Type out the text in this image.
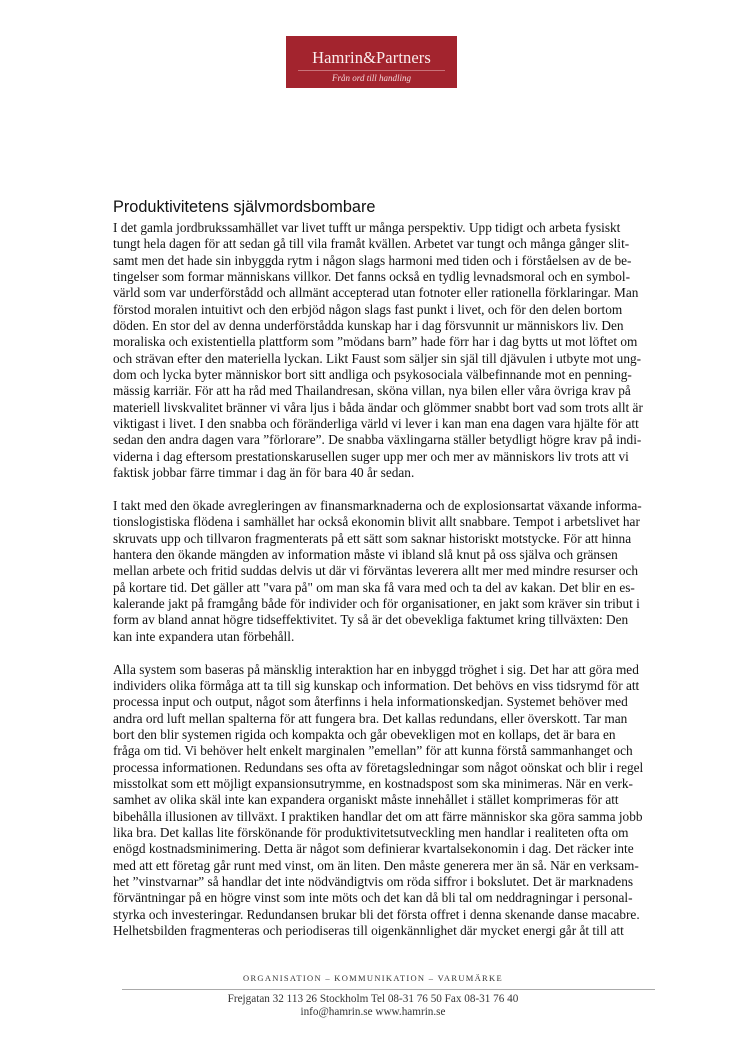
Hamrin&Partners
Från ord till handling
Produktivitetens självmordsbombare
I det gamla jordbrukssamhället var livet tufft ur många perspektiv. Upp tidigt och arbeta fysiskt
tungt hela dagen för att sedan gå till vila framåt kvällen. Arbetet var tungt och många gånger slit-
samt men det hade sin inbyggda rytm i någon slags harmoni med tiden och i förståelsen av de be-
tingelser som formar människans villkor. Det fanns också en tydlig levnadsmoral och en symbol-
värld som var underförstådd och allmänt accepterad utan fotnoter eller rationella förklaringar. Man
förstod moralen intuitivt och den erbjöd någon slags fast punkt i livet, och för den delen bortom
döden. En stor del av denna underförstådda kunskap har i dag försvunnit ur människors liv. Den
moraliska och existentiella plattform som ”mödans barn” hade förr har i dag bytts ut mot löftet om
och strävan efter den materiella lyckan. Likt Faust som säljer sin själ till djävulen i utbyte mot ung-
dom och lycka byter människor bort sitt andliga och psykosociala välbefinnande mot en penning-
mässig karriär. För att ha råd med Thailandresan, sköna villan, nya bilen eller våra övriga krav på
materiell livskvalitet bränner vi våra ljus i båda ändar och glömmer snabbt bort vad som trots allt är
viktigast i livet. I den snabba och föränderliga värld vi lever i kan man ena dagen vara hjälte för att
sedan den andra dagen vara ”förlorare”. De snabba växlingarna ställer betydligt högre krav på indi-
viderna i dag eftersom prestationskarusellen suger upp mer och mer av människors liv trots att vi
faktisk jobbar färre timmar i dag än för bara 40 år sedan.
I takt med den ökade avregleringen av finansmarknaderna och de explosionsartat växande informa-
tionslogistiska flödena i samhället har också ekonomin blivit allt snabbare. Tempot i arbetslivet har
skruvats upp och tillvaron fragmenterats på ett sätt som saknar historiskt motstycke. För att hinna
hantera den ökande mängden av information måste vi ibland slå knut på oss själva och gränsen
mellan arbete och fritid suddas delvis ut där vi förväntas leverera allt mer med mindre resurser och
på kortare tid. Det gäller att "vara på" om man ska få vara med och ta del av kakan. Det blir en es-
kalerande jakt på framgång både för individer och för organisationer, en jakt som kräver sin tribut i
form av bland annat högre tidseffektivitet. Ty så är det obevekliga faktumet kring tillväxten: Den
kan inte expandera utan förbehåll.
Alla system som baseras på mänsklig interaktion har en inbyggd tröghet i sig. Det har att göra med
individers olika förmåga att ta till sig kunskap och information. Det behövs en viss tidsrymd för att
processa input och output, något som återfinns i hela informationskedjan. Systemet behöver med
andra ord luft mellan spalterna för att fungera bra. Det kallas redundans, eller överskott. Tar man
bort den blir systemen rigida och kompakta och går obevekligen mot en kollaps, det är bara en
fråga om tid. Vi behöver helt enkelt marginalen ”emellan” för att kunna förstå sammanhanget och
processa informationen. Redundans ses ofta av företagsledningar som något oönskat och blir i regel
misstolkat som ett möjligt expansionsutrymme, en kostnadspost som ska minimeras. När en verk-
samhet av olika skäl inte kan expandera organiskt måste innehållet i stället komprimeras för att
bibehålla illusionen av tillväxt. I praktiken handlar det om att färre människor ska göra samma jobb
lika bra. Det kallas lite förskönande för produktivitetsutveckling men handlar i realiteten ofta om
enögd kostnadsminimering. Detta är något som definierar kvartalsekonomin i dag. Det räcker inte
med att ett företag går runt med vinst, om än liten. Den måste generera mer än så. När en verksam-
het ”vinstvarnar” så handlar det inte nödvändigtvis om röda siffror i bokslutet. Det är marknadens
förväntningar på en högre vinst som inte möts och det kan då bli tal om neddragningar i personal-
styrka och investeringar. Redundansen brukar bli det första offret i denna skenande danse macabre.
Helhetsbilden fragmenteras och periodiseras till oigenkännlighet där mycket energi går åt till att
ORGANISATION – KOMMUNIKATION – VARUMÄRKE
Frejgatan 32 113 26 Stockholm Tel 08-31 76 50 Fax 08-31 76 40
info@hamrin.se www.hamrin.se
